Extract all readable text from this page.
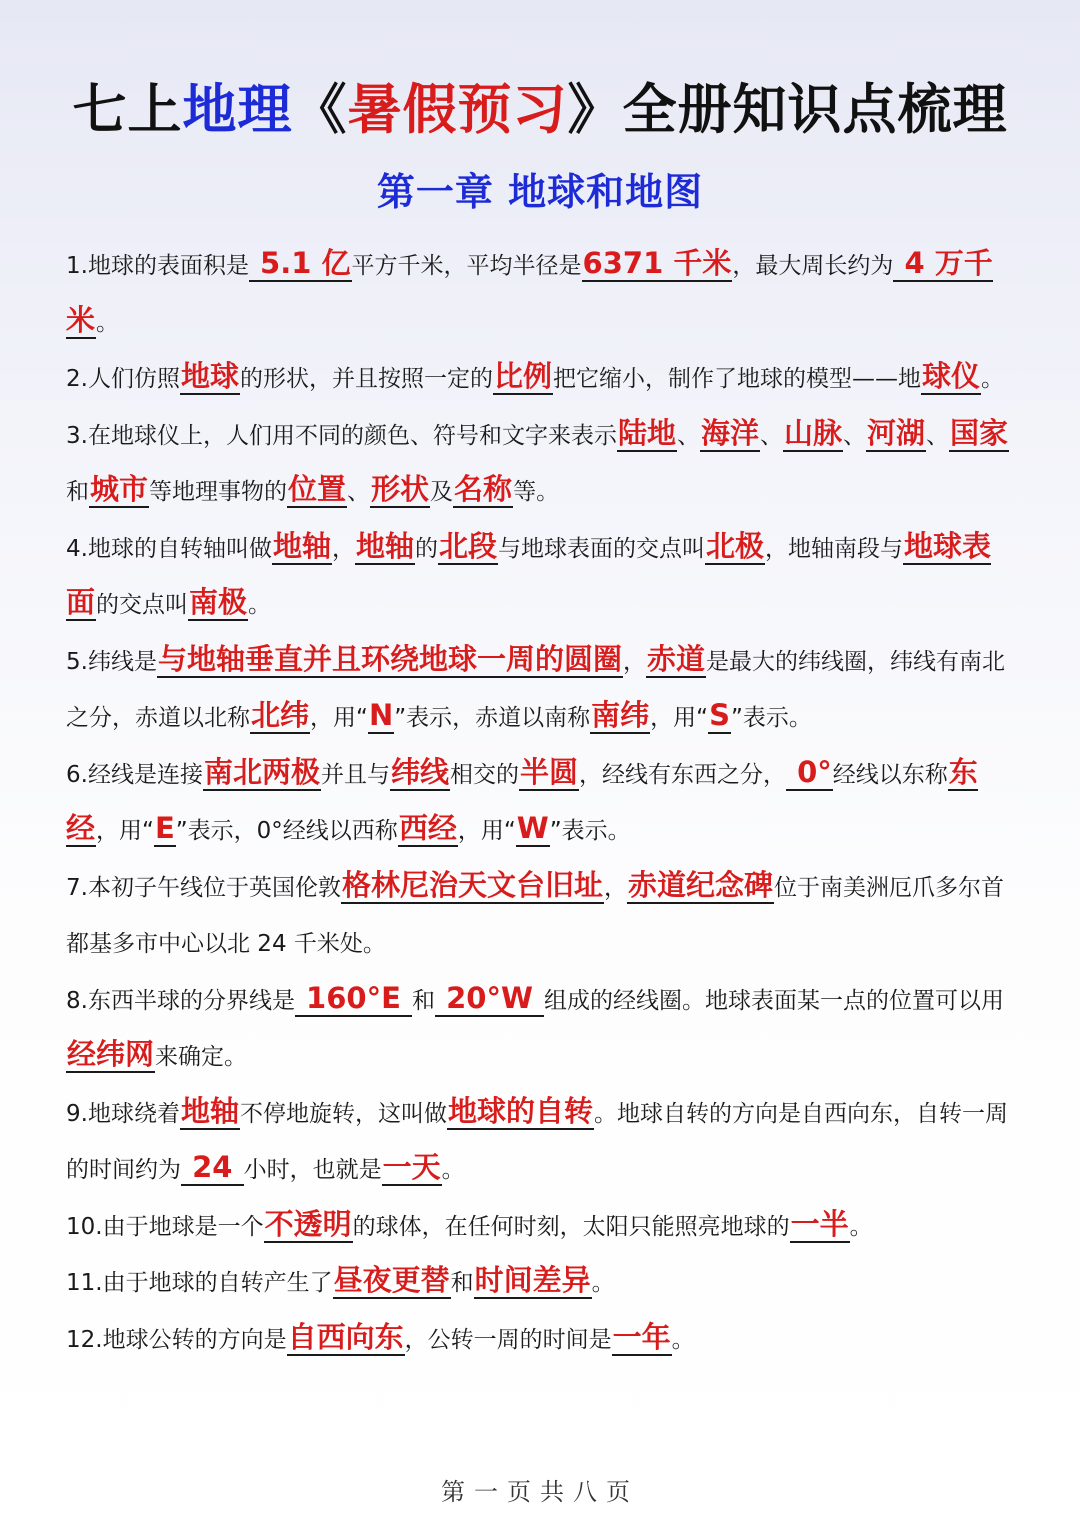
七上地理《暑假预习》全册知识点梳理
第一章 地球和地图

1.地球的表面积是 5.1 亿平方千米，平均半径是6371 千米，最大周长约为 4 万千米。

2.人们仿照地球的形状，并且按照一定的比例把它缩小，制作了地球的模型——地球仪。

3.在地球仪上，人们用不同的颜色、符号和文字来表示陆地、海洋、山脉、河湖、国家和城市等地理事物的位置、形状及名称等。

4.地球的自转轴叫做地轴，地轴的北段与地球表面的交点叫北极，地轴南段与地球表面的交点叫南极。

5.纬线是与地轴垂直并且环绕地球一周的圆圈，赤道是最大的纬线圈，纬线有南北之分，赤道以北称北纬，用“N”表示，赤道以南称南纬，用“S”表示。

6.经线是连接南北两极并且与纬线相交的半圆，经线有东西之分， 0°经线以东称东经，用“E”表示，0°经线以西称西经，用“W”表示。

7.本初子午线位于英国伦敦格林尼治天文台旧址，赤道纪念碑位于南美洲厄爪多尔首都基多市中心以北 24 千米处。

8.东西半球的分界线是 160°E 和 20°W 组成的经线圈。地球表面某一点的位置可以用经纬网来确定。

9.地球绕着地轴不停地旋转，这叫做地球的自转。地球自转的方向是自西向东，自转一周的时间约为 24 小时，也就是一天。

10.由于地球是一个不透明的球体，在任何时刻，太阳只能照亮地球的一半。

11.由于地球的自转产生了昼夜更替和时间差异。

12.地球公转的方向是自西向东，公转一周的时间是一年。

第一页共八页
